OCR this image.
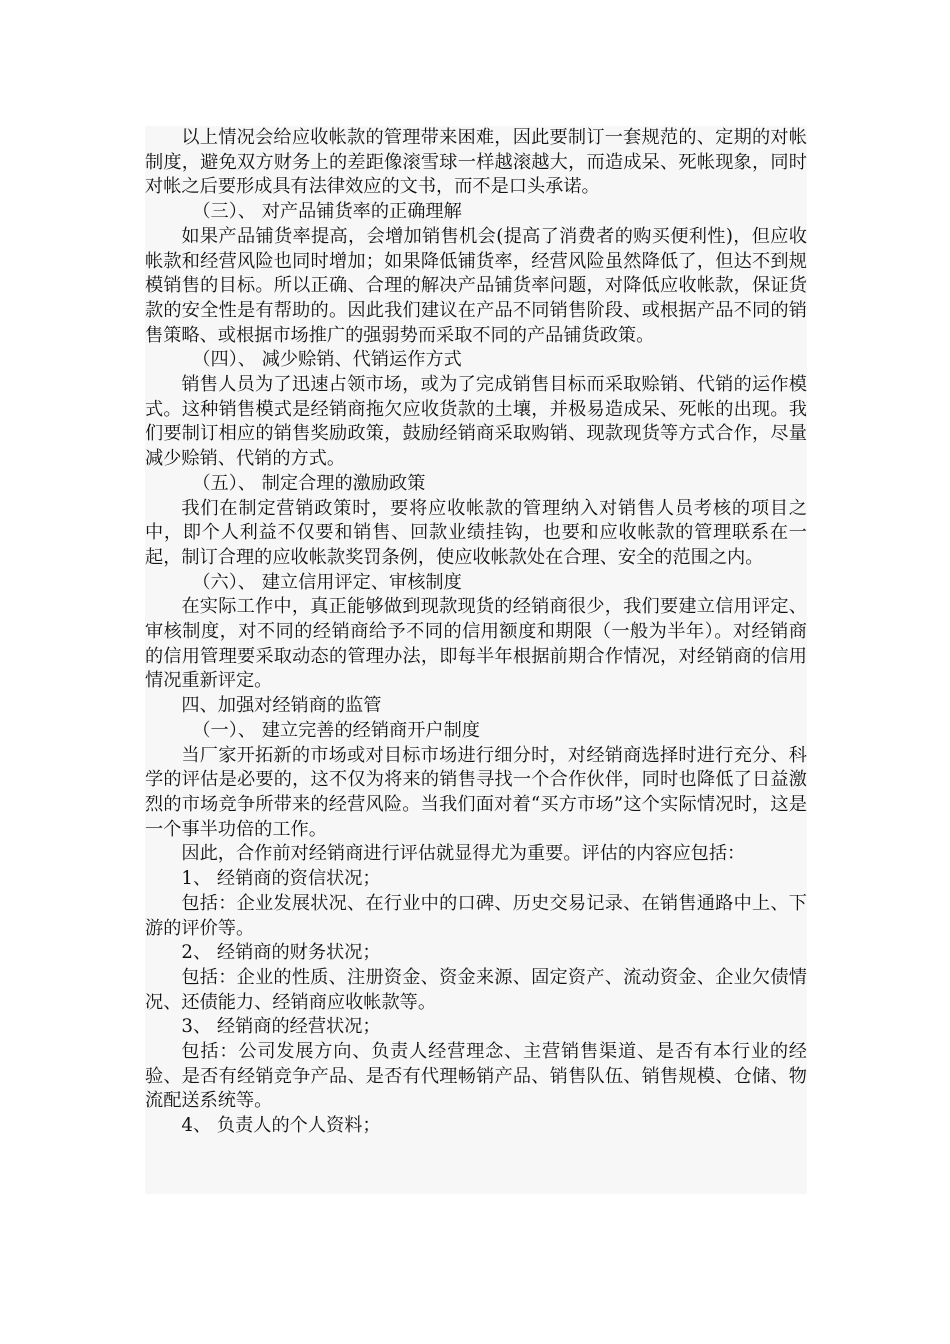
以上情况会给应收帐款的管理带来困难，因此要制订一套规范的、定期的对帐制度，避免双方财务上的差距像滚雪球一样越滚越大，而造成呆、死帐现象，同时对帐之后要形成具有法律效应的文书，而不是口头承诺。

（三）、 对产品铺货率的正确理解

如果产品铺货率提高，会增加销售机会(提高了消费者的购买便利性)，但应收帐款和经营风险也同时增加；如果降低铺货率，经营风险虽然降低了，但达不到规模销售的目标。所以正确、合理的解决产品铺货率问题，对降低应收帐款，保证货款的安全性是有帮助的。因此我们建议在产品不同销售阶段、或根据产品不同的销售策略、或根据市场推广的强弱势而采取不同的产品铺货政策。

（四）、 减少赊销、代销运作方式

销售人员为了迅速占领市场，或为了完成销售目标而采取赊销、代销的运作模式。这种销售模式是经销商拖欠应收货款的土壤，并极易造成呆、死帐的出现。我们要制订相应的销售奖励政策，鼓励经销商采取购销、现款现货等方式合作，尽量减少赊销、代销的方式。

（五）、 制定合理的激励政策

我们在制定营销政策时，要将应收帐款的管理纳入对销售人员考核的项目之中，即个人利益不仅要和销售、回款业绩挂钩，也要和应收帐款的管理联系在一起，制订合理的应收帐款奖罚条例，使应收帐款处在合理、安全的范围之内。

（六）、 建立信用评定、审核制度

在实际工作中，真正能够做到现款现货的经销商很少，我们要建立信用评定、审核制度，对不同的经销商给予不同的信用额度和期限（一般为半年）。对经销商的信用管理要采取动态的管理办法，即每半年根据前期合作情况，对经销商的信用情况重新评定。

四、加强对经销商的监管

（一）、 建立完善的经销商开户制度

当厂家开拓新的市场或对目标市场进行细分时，对经销商选择时进行充分、科学的评估是必要的，这不仅为将来的销售寻找一个合作伙伴，同时也降低了日益激烈的市场竞争所带来的经营风险。当我们面对着“买方市场”这个实际情况时，这是一个事半功倍的工作。

因此，合作前对经销商进行评估就显得尤为重要。评估的内容应包括：

1、 经销商的资信状况；

包括：企业发展状况、在行业中的口碑、历史交易记录、在销售通路中上、下游的评价等。

2、 经销商的财务状况；

包括：企业的性质、注册资金、资金来源、固定资产、流动资金、企业欠债情况、还债能力、经销商应收帐款等。

3、 经销商的经营状况；

包括：公司发展方向、负责人经营理念、主营销售渠道、是否有本行业的经验、是否有经销竞争产品、是否有代理畅销产品、销售队伍、销售规模、仓储、物流配送系统等。

4、 负责人的个人资料；
